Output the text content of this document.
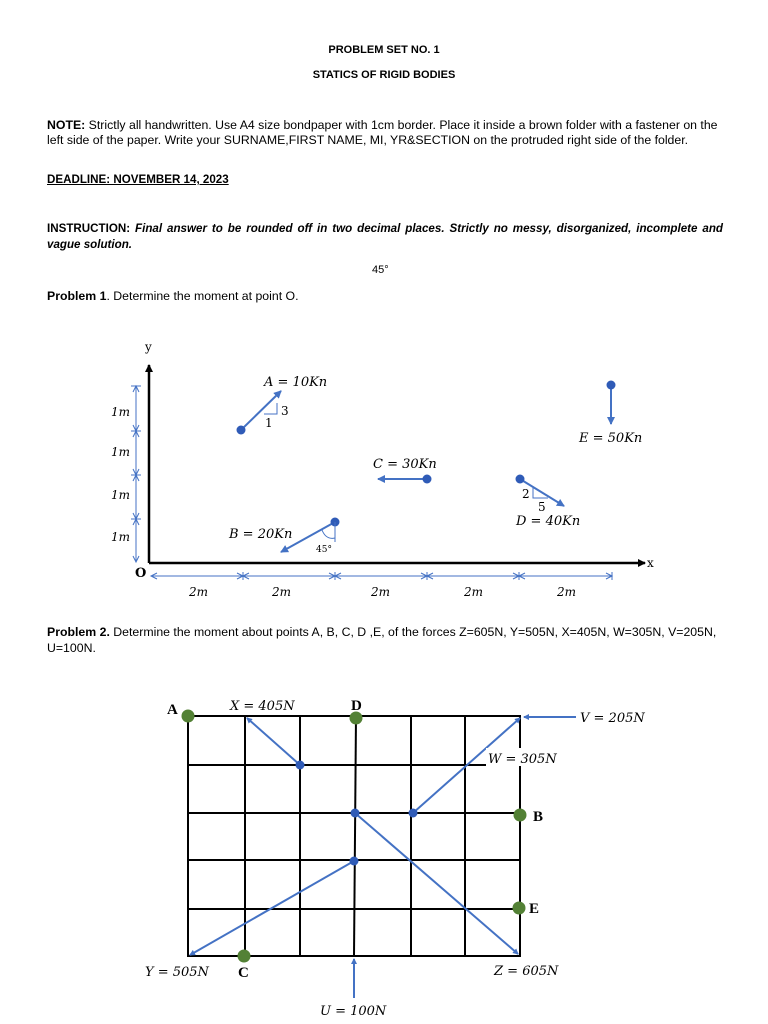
PROBLEM SET NO. 1
STATICS OF RIGID BODIES
NOTE: Strictly all handwritten. Use A4 size bondpaper with 1cm border. Place it inside a brown folder with a fastener on the left side of the paper. Write your SURNAME,FIRST NAME, MI, YR&SECTION on the protruded right side of the folder.
DEADLINE: NOVEMBER 14, 2023
INSTRUCTION: Final answer to be rounded off in two decimal places. Strictly no messy, disorganized, incomplete and vague solution.
45°
Problem 1. Determine the moment at point O.
Problem 2. Determine the moment about points A, B, C, D ,E, of the forces Z=605N, Y=505N, X=405N, W=305N, V=205N, U=100N.
y
x
O
1m
1m
1m
1m
2m	2m	2m	2m	2m
3
1
A = 10Kn
45°
B = 20Kn
C = 30Kn
2
5
D = 40Kn
E = 50Kn
X = 405N
W = 305N
V = 205N
Z = 605N
Y = 505N
U = 100N
A	D
B
E
C
